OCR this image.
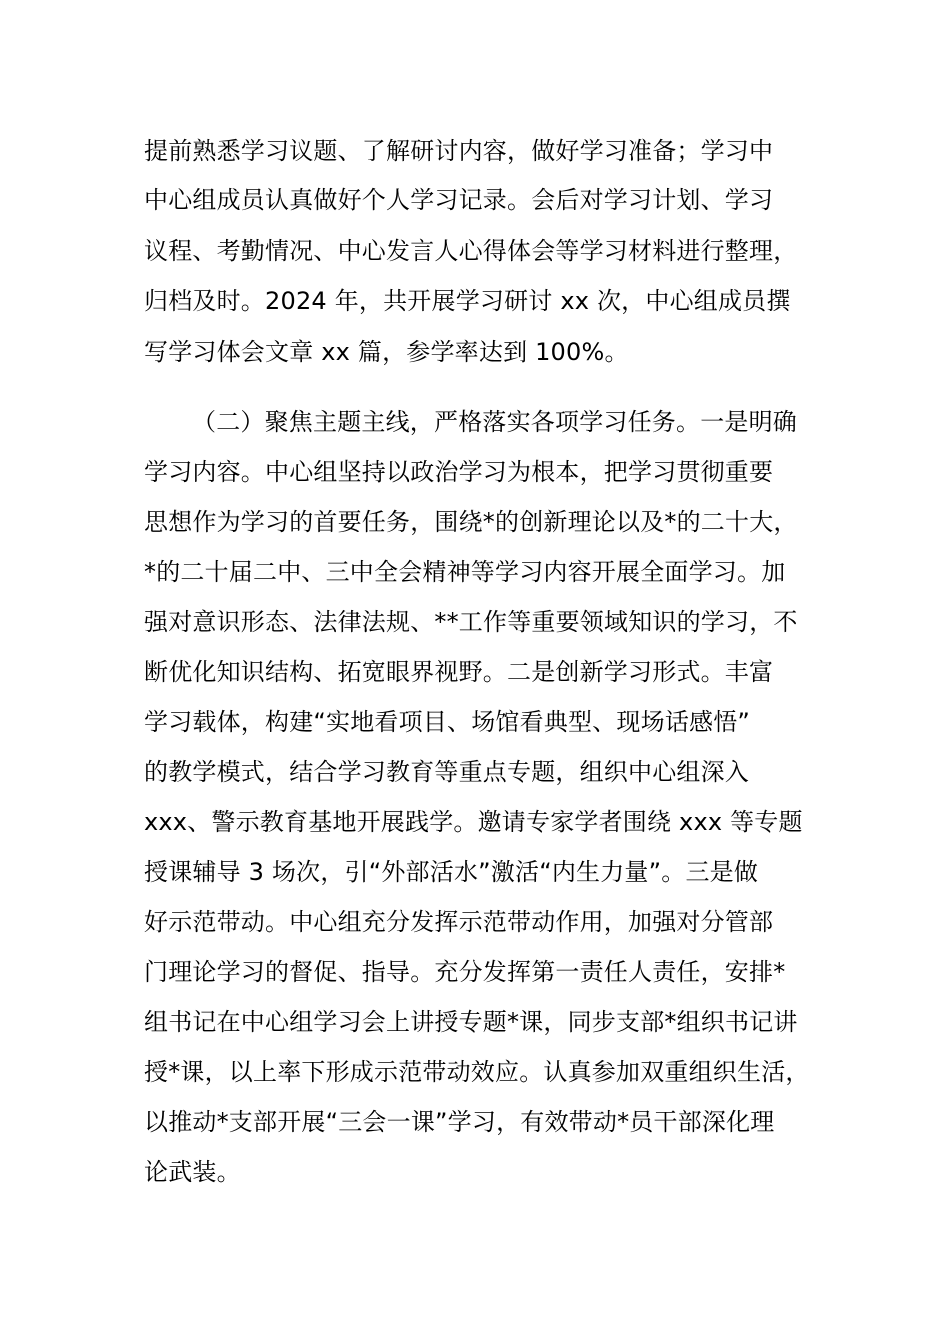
提前熟悉学习议题、了解研讨内容，做好学习准备；学习中
中心组成员认真做好个人学习记录。会后对学习计划、学习
议程、考勤情况、中心发言人心得体会等学习材料进行整理，
归档及时。2024 年，共开展学习研讨 xx 次，中心组成员撰
写学习体会文章 xx 篇，参学率达到 100%。
（二）聚焦主题主线，严格落实各项学习任务。一是明确
学习内容。中心组坚持以政治学习为根本，把学习贯彻重要
思想作为学习的首要任务，围绕*的创新理论以及*的二十大，
*的二十届二中、三中全会精神等学习内容开展全面学习。加
强对意识形态、法律法规、**工作等重要领域知识的学习，不
断优化知识结构、拓宽眼界视野。二是创新学习形式。丰富
学习载体，构建“实地看项目、场馆看典型、现场话感悟”
的教学模式，结合学习教育等重点专题，组织中心组深入
xxx、警示教育基地开展践学。邀请专家学者围绕 xxx 等专题
授课辅导 3 场次，引“外部活水”激活“内生力量”。三是做
好示范带动。中心组充分发挥示范带动作用，加强对分管部
门理论学习的督促、指导。充分发挥第一责任人责任，安排*
组书记在中心组学习会上讲授专题*课，同步支部*组织书记讲
授*课，以上率下形成示范带动效应。认真参加双重组织生活，
以推动*支部开展“三会一课”学习，有效带动*员干部深化理
论武装。
